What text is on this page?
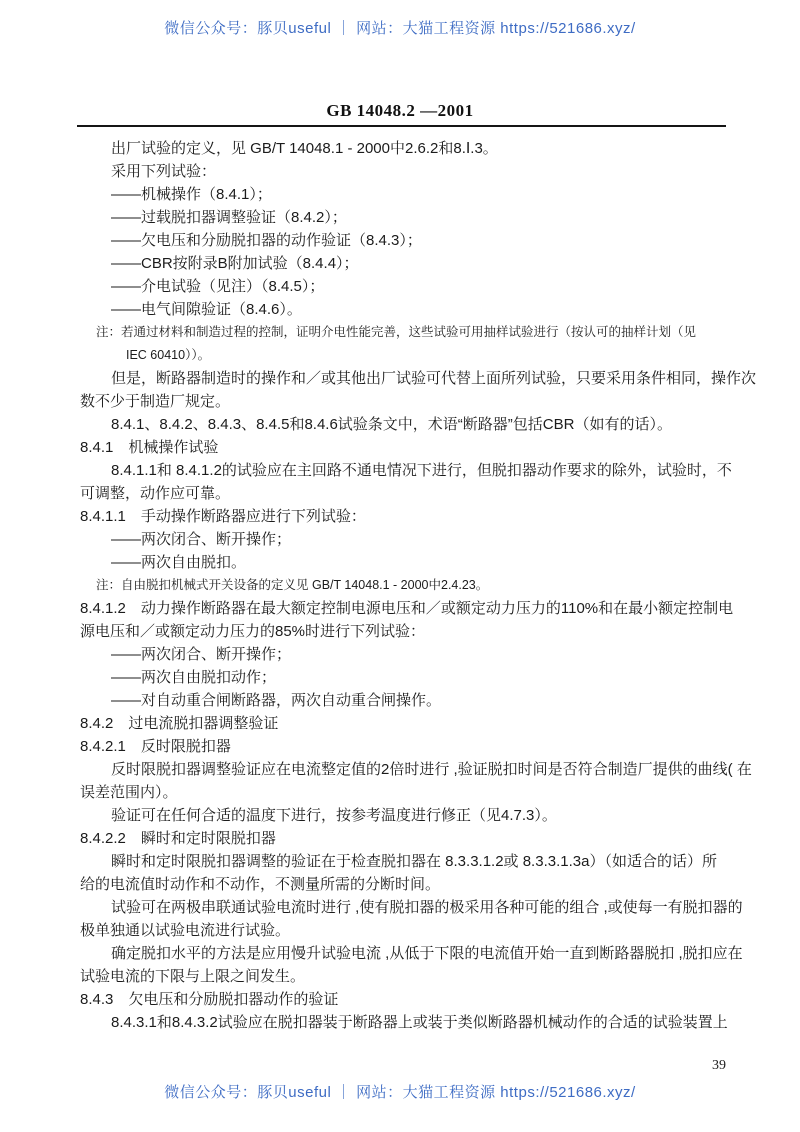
微信公众号：豚贝useful ｜ 网站：大猫工程资源 https://521686.xyz/
GB 14048.2 —2001
出厂试验的定义，见 GB/T 14048.1 - 2000中2.6.2和8.Ⅰ.3。
采用下列试验：
——机械操作（8.4.1）；
——过载脱扣器调整验证（8.4.2）；
——欠电压和分励脱扣器的动作验证（8.4.3）；
——CBR按附录B附加试验（8.4.4）；
——介电试验（见注）（8.4.5）；
——电气间隙验证（8.4.6）。
注：若通过材料和制造过程的控制，证明介电性能完善，这些试验可用抽样试验进行（按认可的抽样计划（见
IEC 60410））。
但是，断路器制造时的操作和／或其他出厂试验可代替上面所列试验，只要采用条件相同，操作次
数不少于制造厂规定。
8.4.1、8.4.2、8.4.3、8.4.5和8.4.6试验条文中，术语“断路器”包括CBR（如有的话）。
8.4.1　机械操作试验
8.4.1.1和 8.4.1.2的试验应在主回路不通电情况下进行，但脱扣器动作要求的除外，试验时，不
可调整，动作应可靠。
8.4.1.1　手动操作断路器应进行下列试验：
——两次闭合、断开操作；
——两次自由脱扣。
注：自由脱扣机械式开关设备的定义见 GB/T 14048.1 - 2000中2.4.23。
8.4.1.2　动力操作断路器在最大额定控制电源电压和／或额定动力压力的110%和在最小额定控制电
源电压和／或额定动力压力的85%时进行下列试验：
——两次闭合、断开操作；
——两次自由脱扣动作；
——对自动重合闸断路器，两次自动重合闸操作。
8.4.2　过电流脱扣器调整验证
8.4.2.1　反时限脱扣器
反时限脱扣器调整验证应在电流整定值的2倍时进行 ,验证脱扣时间是否符合制造厂提供的曲线( 在
误差范围内）。
验证可在任何合适的温度下进行，按参考温度进行修正（见4.7.3）。
8.4.2.2　瞬时和定时限脱扣器
瞬时和定时限脱扣器调整的验证在于检查脱扣器在 8.3.3.1.2或 8.3.3.1.3a）（如适合的话）所
给的电流值时动作和不动作，不测量所需的分断时间。
试验可在两极串联通试验电流时进行 ,使有脱扣器的极采用各种可能的组合 ,或使每一有脱扣器的
极单独通以试验电流进行试验。
确定脱扣水平的方法是应用慢升试验电流 ,从低于下限的电流值开始一直到断路器脱扣 ,脱扣应在
试验电流的下限与上限之间发生。
8.4.3　欠电压和分励脱扣器动作的验证
8.4.3.1和8.4.3.2试验应在脱扣器装于断路器上或装于类似断路器机械动作的合适的试验装置上
39
微信公众号：豚贝useful ｜ 网站：大猫工程资源 https://521686.xyz/
